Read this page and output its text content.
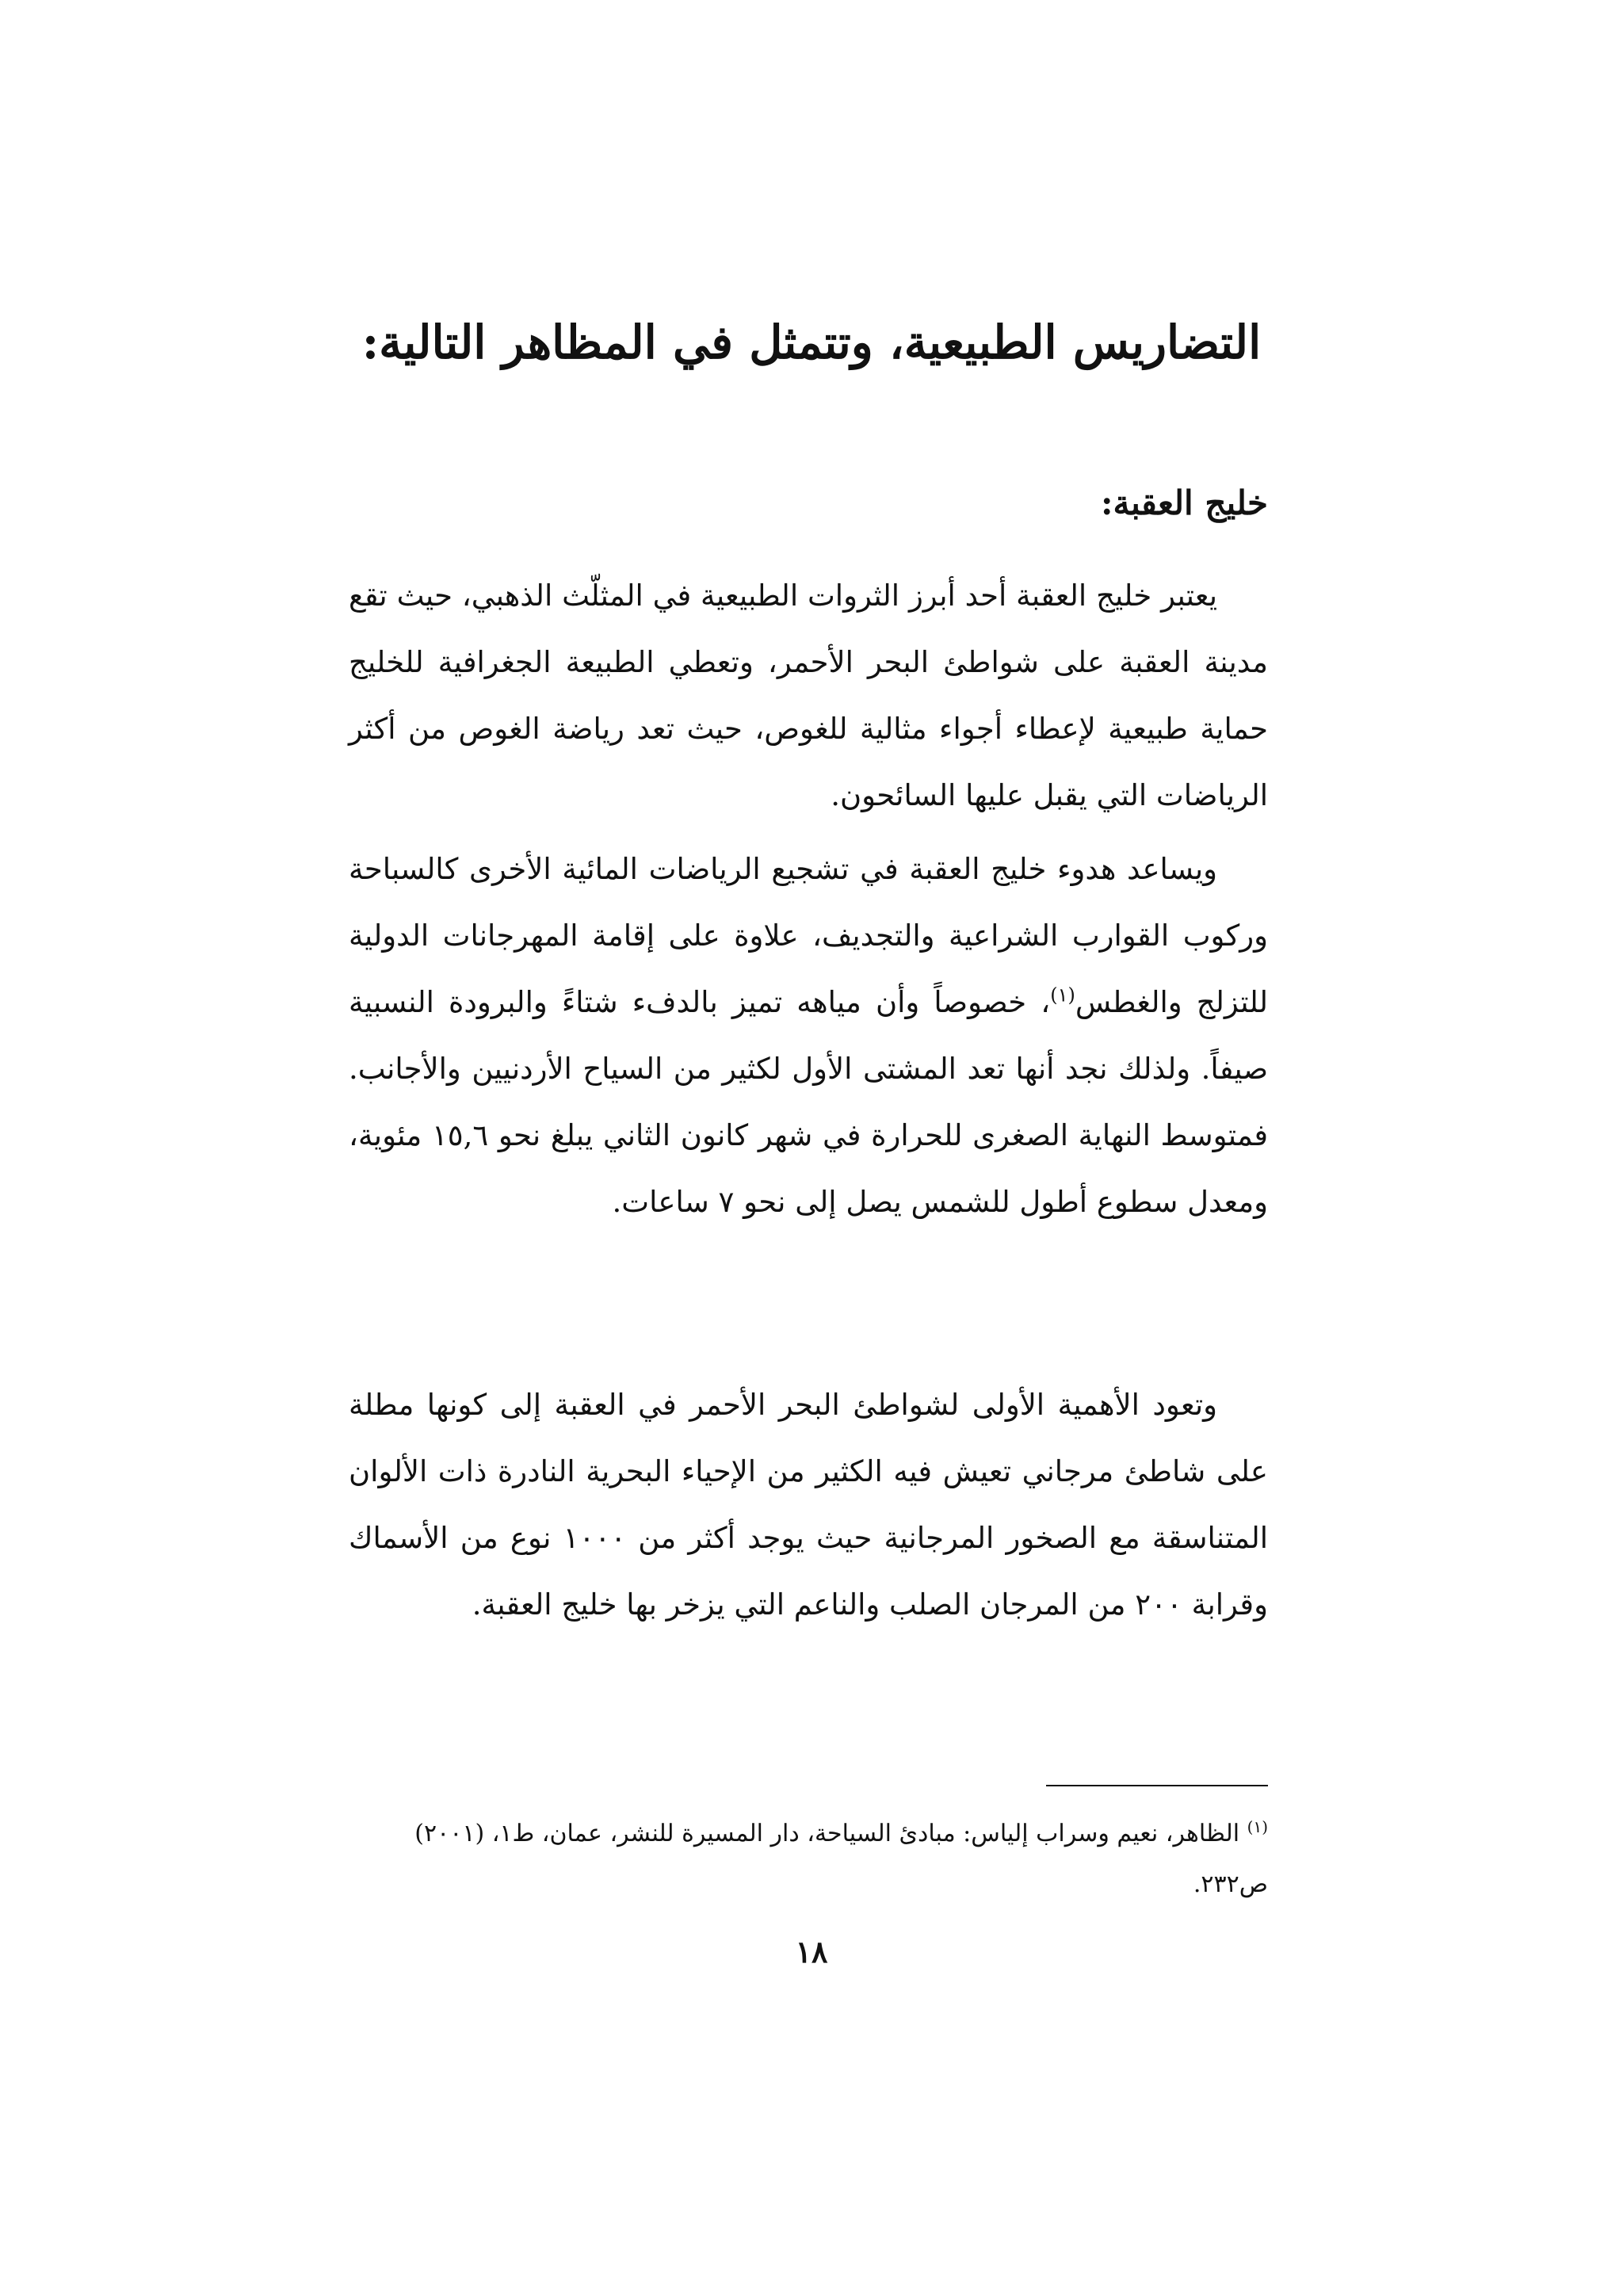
التضاريس الطبيعية، وتتمثل في المظاهر التالية:
خليج العقبة:

يعتبر خليج العقبة أحد أبرز الثروات الطبيعية في المثلّث الذهبي، حيث تقع مدينة العقبة على شواطئ البحر الأحمر، وتعطي الطبيعة الجغرافية للخليج حماية طبيعية لإعطاء أجواء مثالية للغوص، حيث تعد رياضة الغوص من أكثر الرياضات التي يقبل عليها السائحون.

ويساعد هدوء خليج العقبة في تشجيع الرياضات المائية الأخرى كالسباحة وركوب القوارب الشراعية والتجديف، علاوة على إقامة المهرجانات الدولية للتزلج والغطس$^{(١)}$، خصوصاً وأن مياهه تميز بالدفء شتاءً والبرودة النسبية صيفاً. ولذلك نجد أنها تعد المشتى الأول لكثير من السياح الأردنيين والأجانب. فمتوسط النهاية الصغرى للحرارة في شهر كانون الثاني يبلغ نحو ١٥,٦ مئوية، ومعدل سطوع أطول للشمس يصل إلى نحو ٧ ساعات.

وتعود الأهمية الأولى لشواطئ البحر الأحمر في العقبة إلى كونها مطلة على شاطئ مرجاني تعيش فيه الكثير من الإحياء البحرية النادرة ذات الألوان المتناسقة مع الصخور المرجانية حيث يوجد أكثر من ١٠٠٠ نوع من الأسماك وقرابة ٢٠٠ من المرجان الصلب والناعم التي يزخر بها خليج العقبة.

$^{(١)}$ الظاهر، نعيم وسراب إلياس: مبادئ السياحة، دار المسيرة للنشر، عمان، ط١، (٢٠٠١) ص٢٣٢.

١٨
